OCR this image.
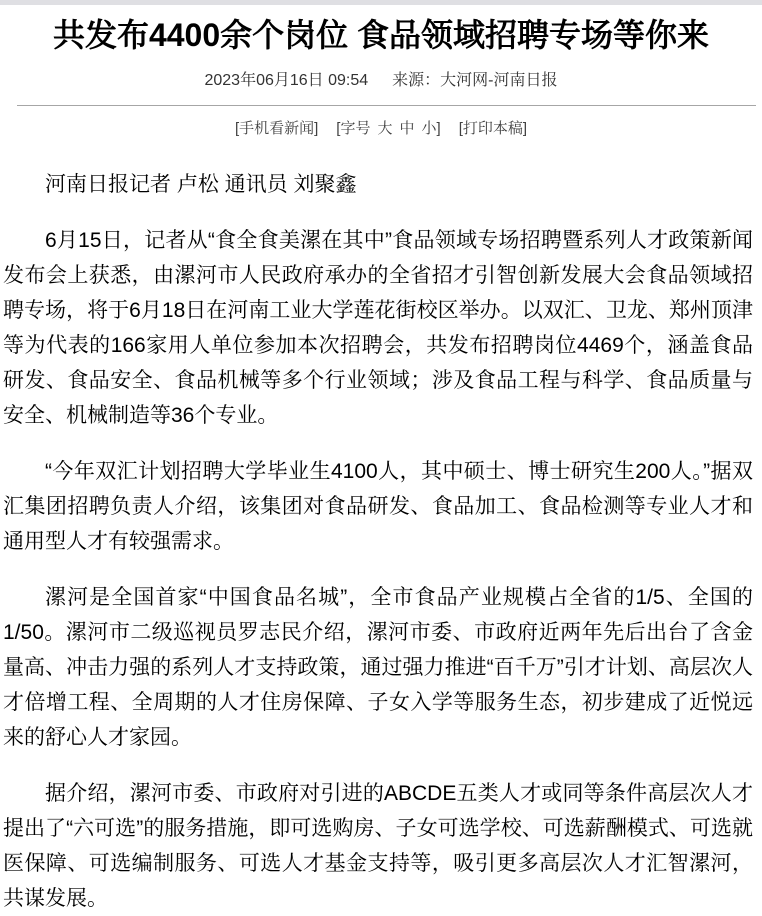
共发布4400余个岗位 食品领域招聘专场等你来
2023年06月16日 09:54 来源：大河网-河南日报
[手机看新闻] [字号 大 中 小] [打印本稿]

河南日报记者 卢松 通讯员 刘聚鑫

6月15日，记者从“食全食美漯在其中”食品领域专场招聘暨系列人才政策新闻发布会上获悉，由漯河市人民政府承办的全省招才引智创新发展大会食品领域招聘专场，将于6月18日在河南工业大学莲花街校区举办。以双汇、卫龙、郑州顶津等为代表的166家用人单位参加本次招聘会，共发布招聘岗位4469个，涵盖食品研发、食品安全、食品机械等多个行业领域；涉及食品工程与科学、食品质量与安全、机械制造等36个专业。

“今年双汇计划招聘大学毕业生4100人，其中硕士、博士研究生200人。”据双汇集团招聘负责人介绍，该集团对食品研发、食品加工、食品检测等专业人才和通用型人才有较强需求。

漯河是全国首家“中国食品名城”，全市食品产业规模占全省的1/5、全国的1/50。漯河市二级巡视员罗志民介绍，漯河市委、市政府近两年先后出台了含金量高、冲击力强的系列人才支持政策，通过强力推进“百千万”引才计划、高层次人才倍增工程、全周期的人才住房保障、子女入学等服务生态，初步建成了近悦远来的舒心人才家园。

据介绍，漯河市委、市政府对引进的ABCDE五类人才或同等条件高层次人才提出了“六可选”的服务措施，即可选购房、子女可选学校、可选薪酬模式、可选就医保障、可选编制服务、可选人才基金支持等，吸引更多高层次人才汇智漯河，共谋发展。
